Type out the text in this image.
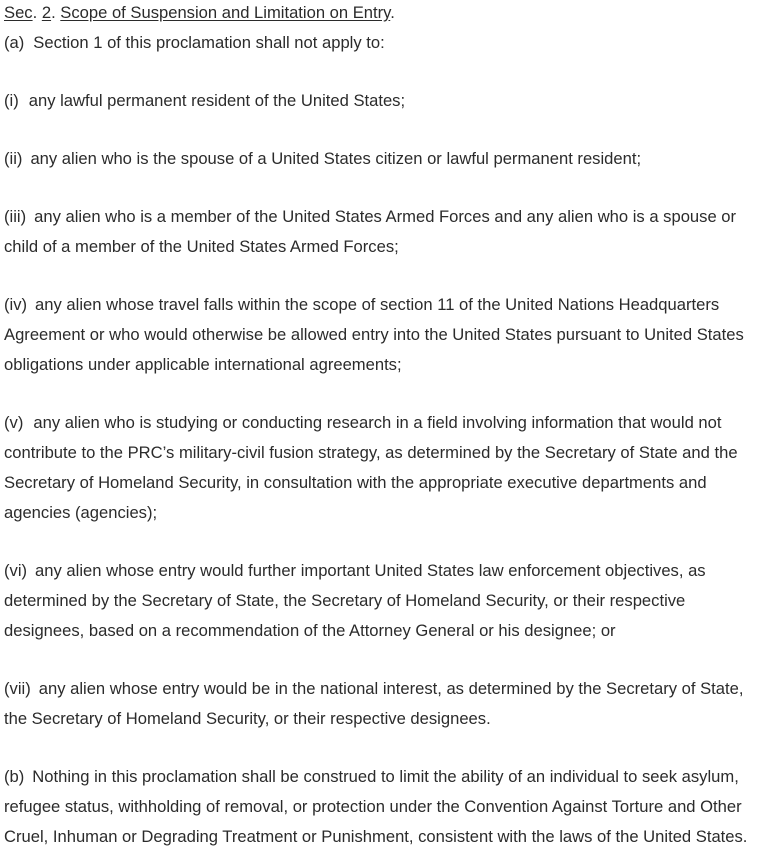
Sec. 2. Scope of Suspension and Limitation on Entry.

(a) Section 1 of this proclamation shall not apply to:

(i) any lawful permanent resident of the United States;

(ii) any alien who is the spouse of a United States citizen or lawful permanent resident;

(iii) any alien who is a member of the United States Armed Forces and any alien who is a spouse or child of a member of the United States Armed Forces;

(iv) any alien whose travel falls within the scope of section 11 of the United Nations Headquarters Agreement or who would otherwise be allowed entry into the United States pursuant to United States obligations under applicable international agreements;

(v) any alien who is studying or conducting research in a field involving information that would not contribute to the PRC’s military-civil fusion strategy, as determined by the Secretary of State and the Secretary of Homeland Security, in consultation with the appropriate executive departments and agencies (agencies);

(vi) any alien whose entry would further important United States law enforcement objectives, as determined by the Secretary of State, the Secretary of Homeland Security, or their respective designees, based on a recommendation of the Attorney General or his designee; or

(vii) any alien whose entry would be in the national interest, as determined by the Secretary of State, the Secretary of Homeland Security, or their respective designees.

(b) Nothing in this proclamation shall be construed to limit the ability of an individual to seek asylum, refugee status, withholding of removal, or protection under the Convention Against Torture and Other Cruel, Inhuman or Degrading Treatment or Punishment, consistent with the laws of the United States.
